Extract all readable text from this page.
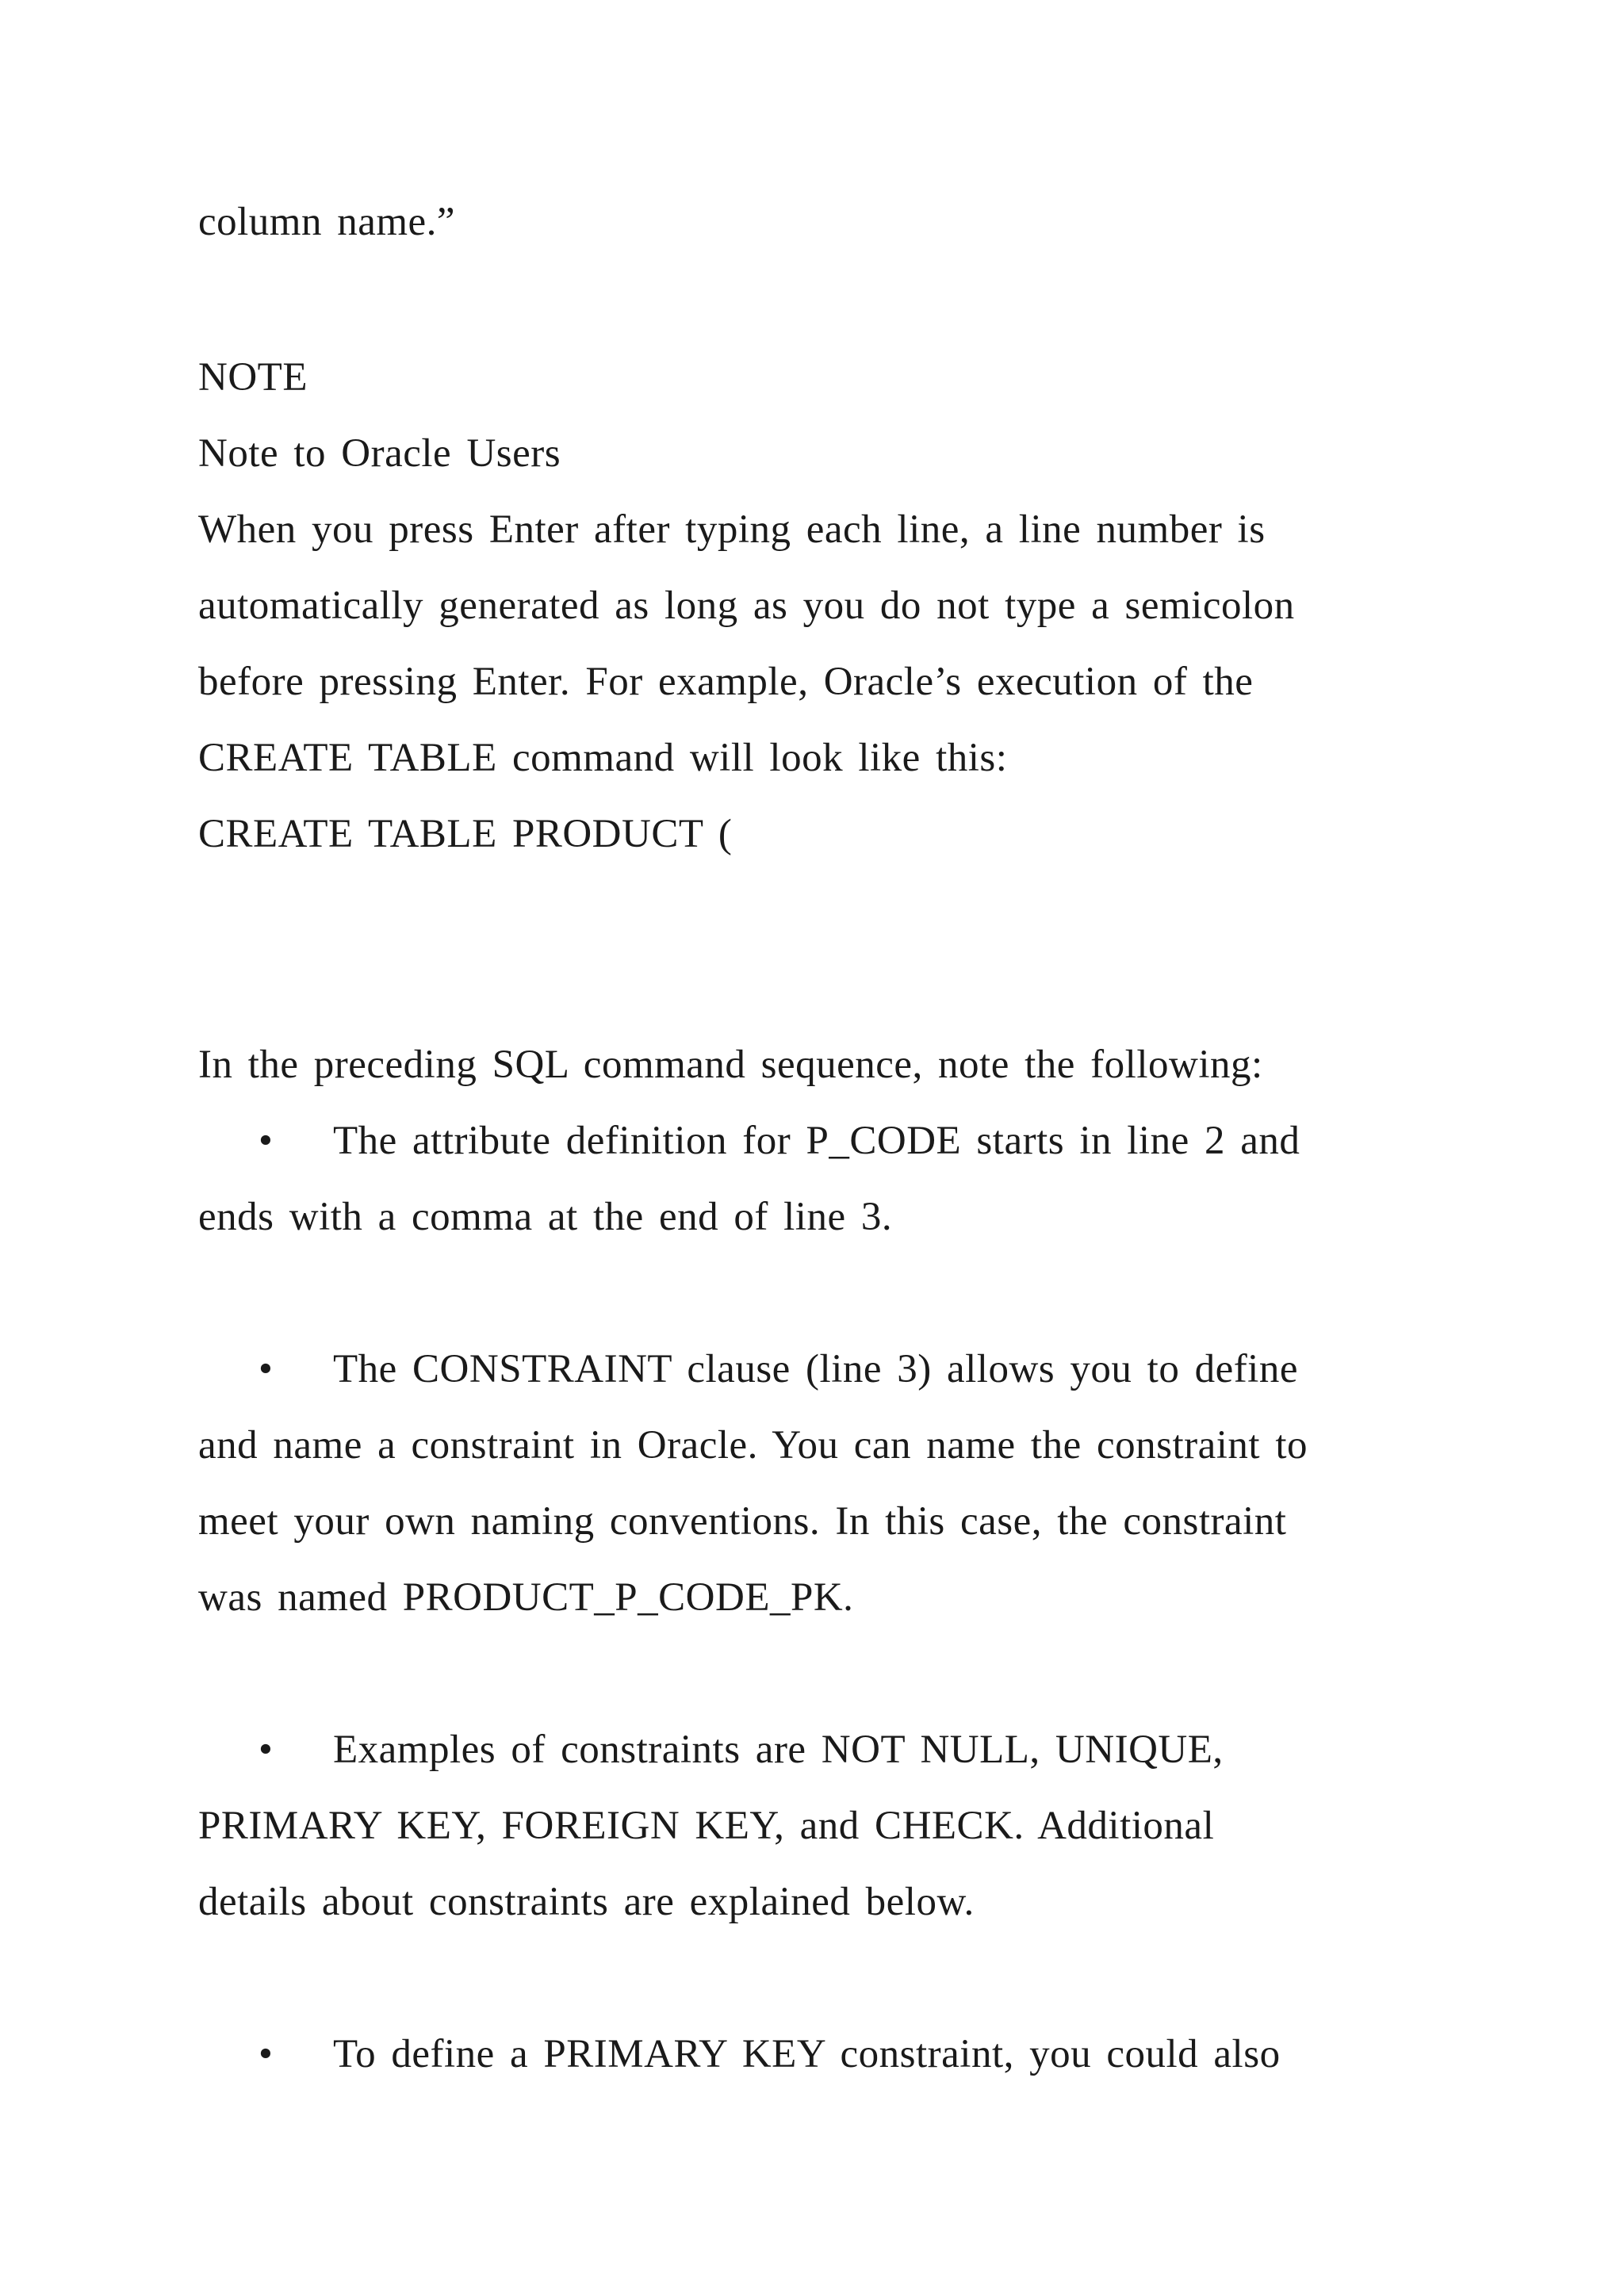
column name.”
NOTE
Note to Oracle Users
When you press Enter after typing each line, a line number is
automatically generated as long as you do not type a semicolon
before pressing Enter. For example, Oracle’s execution of the
CREATE TABLE command will look like this:
CREATE TABLE PRODUCT (
In the preceding SQL command sequence, note the following:
• The attribute definition for P_CODE starts in line 2 and
ends with a comma at the end of line 3.
• The CONSTRAINT clause (line 3) allows you to define
and name a constraint in Oracle. You can name the constraint to
meet your own naming conventions. In this case, the constraint
was named PRODUCT_P_CODE_PK.
• Examples of constraints are NOT NULL, UNIQUE,
PRIMARY KEY, FOREIGN KEY, and CHECK. Additional
details about constraints are explained below.
• To define a PRIMARY KEY constraint, you could also
